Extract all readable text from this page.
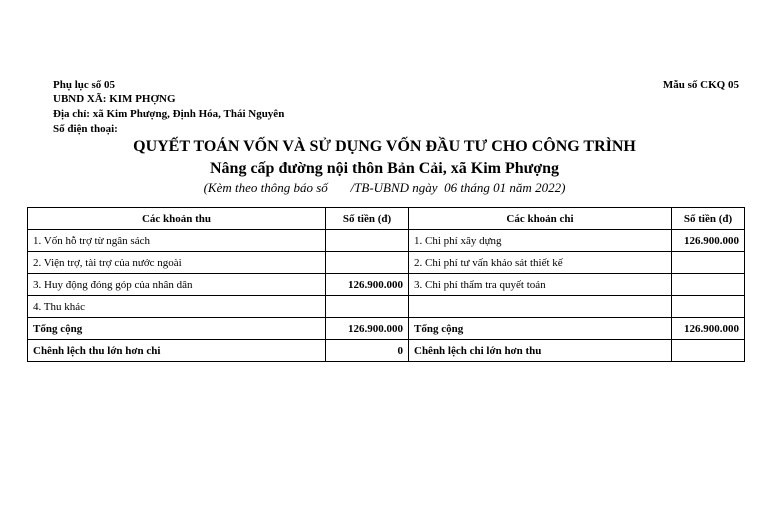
Phụ lục số 05
UBND XÃ: KIM PHỢNG
Địa chỉ: xã Kim Phượng, Định Hóa, Thái Nguyên
Số điện thoại:
Mẫu số CKQ 05
QUYẾT TOÁN VỐN VÀ SỬ DỤNG VỐN ĐẦU TƯ CHO CÔNG TRÌNH
Nâng cấp đường nội thôn Bản Cải, xã Kim Phượng
(Kèm theo thông báo số       /TB-UBND ngày  06 tháng 01 năm 2022)
Các khoản thu	Số tiền (đ)	Các khoản chi	Số tiền (đ)
1. Vốn hỗ trợ từ ngân sách		1. Chi phí xây dựng	126.900.000
2. Viện trợ, tài trợ của nước ngoài		2. Chi phí tư vấn khảo sát thiết kế	
3. Huy động đóng góp của nhân dân	126.900.000	3. Chi phí thẩm tra quyết toán	
4. Thu khác			
Tổng cộng	126.900.000	Tổng cộng	126.900.000
Chênh lệch thu lớn hơn chi	0	Chênh lệch chi lớn hơn thu	
